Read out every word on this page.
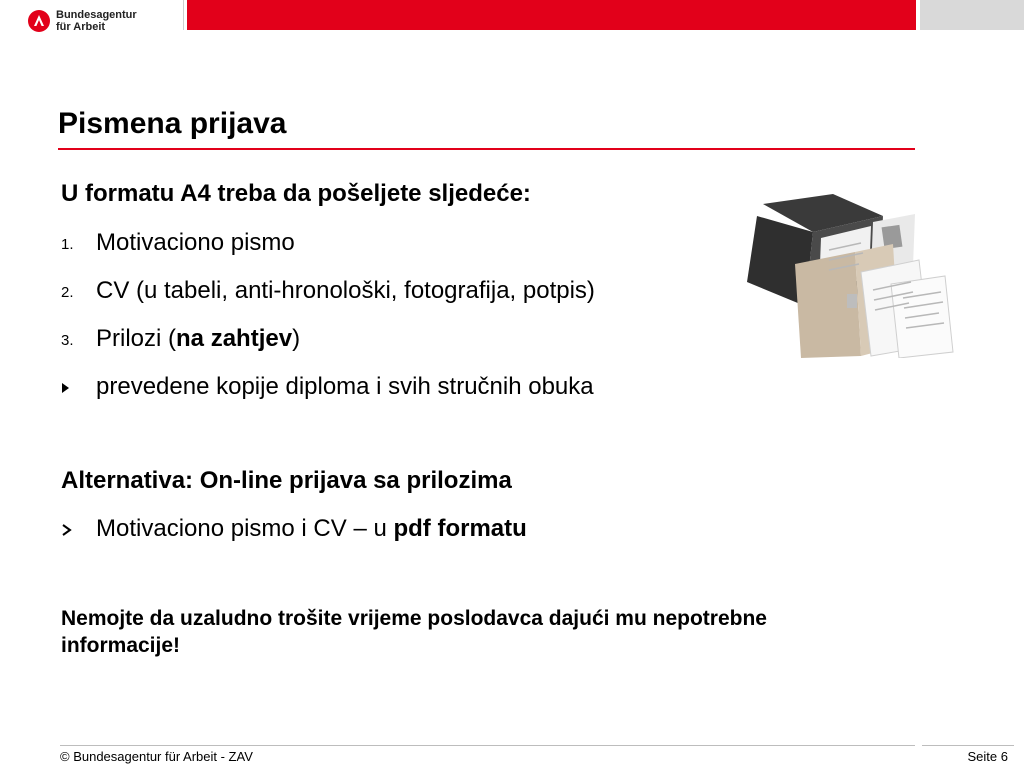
Bundesagentur
für Arbeit
Pismena prijava
U formatu A4 treba da pošeljete sljedeće:
1. Motivaciono pismo
2. CV (u tabeli, anti-hronološki, fotografija, potpis)
3. Prilozi (na zahtjev)
prevedene kopije diploma i svih stručnih obuka
Alternativa: On-line prijava sa prilozima
Motivaciono pismo i CV – u pdf formatu
Nemojte da uzaludno trošite vrijeme poslodavca dajući mu nepotrebne
informacije!
© Bundesagentur für Arbeit - ZAV	Seite 6
